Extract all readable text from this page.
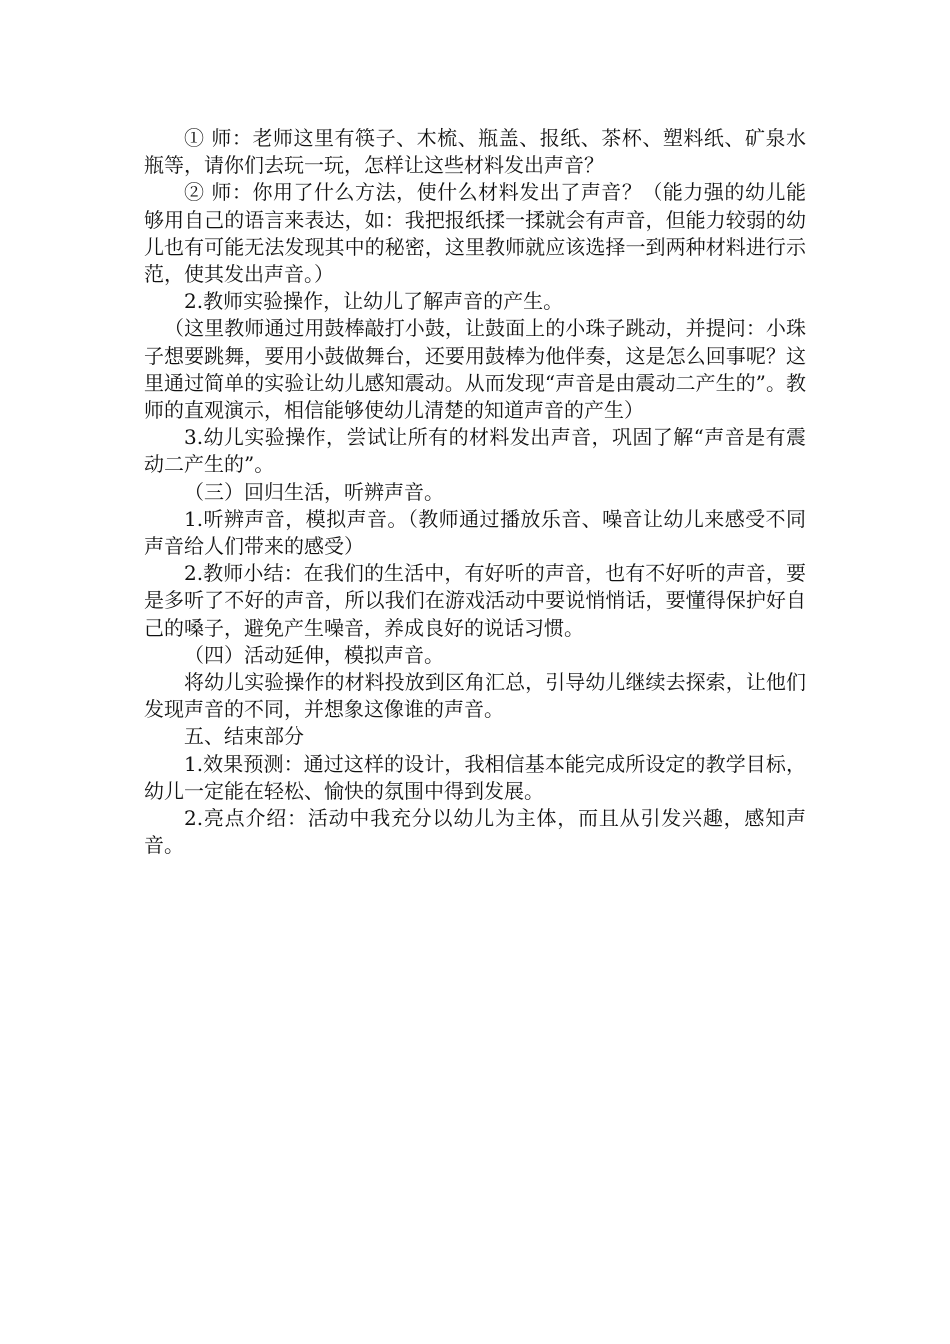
① 师：老师这里有筷子、木梳、瓶盖、报纸、茶杯、塑料纸、矿泉水瓶等，请你们去玩一玩，怎样让这些材料发出声音？

② 师：你用了什么方法，使什么材料发出了声音？（能力强的幼儿能够用自己的语言来表达，如：我把报纸揉一揉就会有声音，但能力较弱的幼儿也有可能无法发现其中的秘密，这里教师就应该选择一到两种材料进行示范，使其发出声音。）

2.教师实验操作，让幼儿了解声音的产生。

（这里教师通过用鼓棒敲打小鼓，让鼓面上的小珠子跳动，并提问：小珠子想要跳舞，要用小鼓做舞台，还要用鼓棒为他伴奏，这是怎么回事呢？这里通过简单的实验让幼儿感知震动。从而发现“声音是由震动二产生的”。教师的直观演示，相信能够使幼儿清楚的知道声音的产生）

3.幼儿实验操作，尝试让所有的材料发出声音，巩固了解“声音是有震动二产生的”。

（三）回归生活，听辨声音。

1.听辨声音，模拟声音。（教师通过播放乐音、噪音让幼儿来感受不同声音给人们带来的感受）

2.教师小结：在我们的生活中，有好听的声音，也有不好听的声音，要是多听了不好的声音，所以我们在游戏活动中要说悄悄话，要懂得保护好自己的嗓子，避免产生噪音，养成良好的说话习惯。

（四）活动延伸，模拟声音。

将幼儿实验操作的材料投放到区角汇总，引导幼儿继续去探索，让他们发现声音的不同，并想象这像谁的声音。

五、结束部分

1.效果预测：通过这样的设计，我相信基本能完成所设定的教学目标，幼儿一定能在轻松、愉快的氛围中得到发展。

2.亮点介绍：活动中我充分以幼儿为主体，而且从引发兴趣，感知声音。
